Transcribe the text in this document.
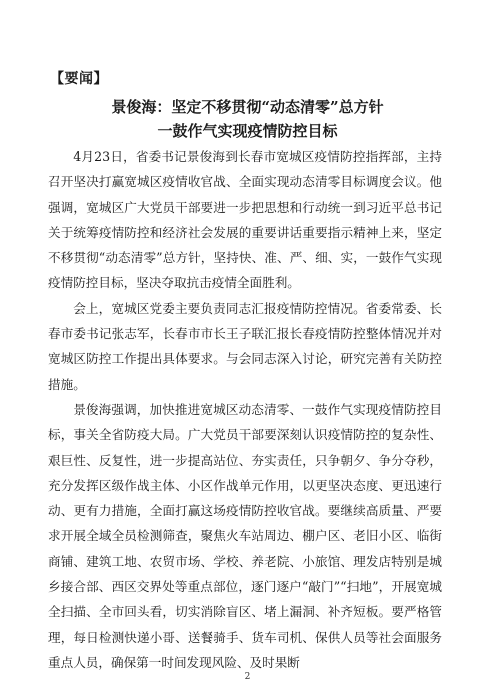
【要闻】
景俊海：坚定不移贯彻“动态清零”总方针
一鼓作气实现疫情防控目标

4月23日，省委书记景俊海到长春市宽城区疫情防控指挥部，主持召开坚决打赢宽城区疫情收官战、全面实现动态清零目标调度会议。他强调，宽城区广大党员干部要进一步把思想和行动统一到习近平总书记关于统筹疫情防控和经济社会发展的重要讲话重要指示精神上来，坚定不移贯彻“动态清零”总方针，坚持快、准、严、细、实，一鼓作气实现疫情防控目标，坚决夺取抗击疫情全面胜利。

会上，宽城区党委主要负责同志汇报疫情防控情况。省委常委、长春市委书记张志军，长春市市长王子联汇报长春疫情防控整体情况并对宽城区防控工作提出具体要求。与会同志深入讨论，研究完善有关防控措施。

景俊海强调，加快推进宽城区动态清零、一鼓作气实现疫情防控目标，事关全省防疫大局。广大党员干部要深刻认识疫情防控的复杂性、艰巨性、反复性，进一步提高站位、夯实责任，只争朝夕、争分夺秒，充分发挥区级作战主体、小区作战单元作用，以更坚决态度、更迅速行动、更有力措施，全面打赢这场疫情防控收官战。要继续高质量、严要求开展全域全员检测筛查，聚焦火车站周边、棚户区、老旧小区、临街商铺、建筑工地、农贸市场、学校、养老院、小旅馆、理发店特别是城乡接合部、西区交界处等重点部位，逐门逐户“敲门”“扫地”，开展宽城全扫描、全市回头看，切实消除盲区、堵上漏洞、补齐短板。要严格管理，每日检测快递小哥、送餐骑手、货车司机、保供人员等社会面服务重点人员，确保第一时间发现风险、及时果断

2
